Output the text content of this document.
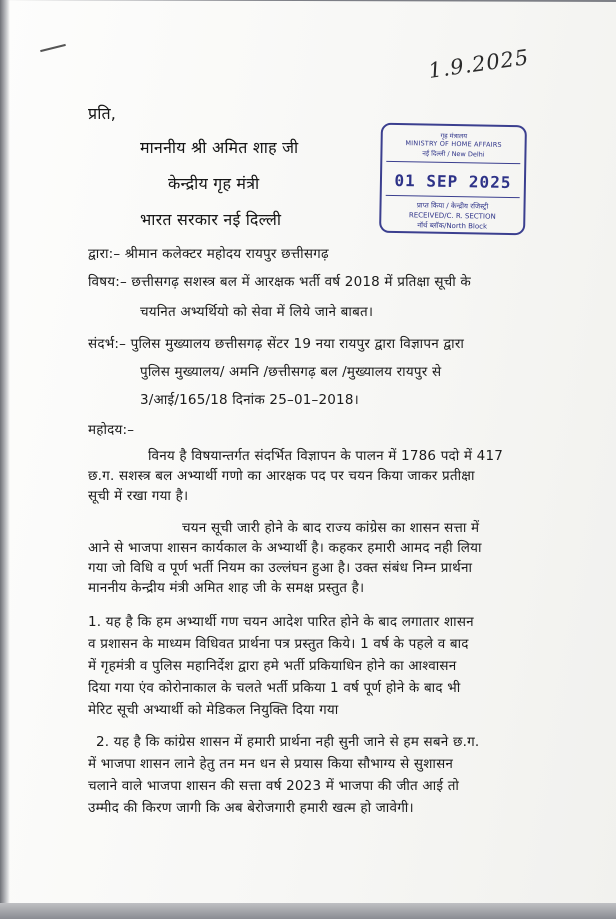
1.9.2025
प्रति,
माननीय श्री अमित शाह जी
केन्द्रीय गृह मंत्री
भारत सरकार नई दिल्ली
गृह मंत्रालय
MINISTRY OF HOME AFFAIRS
नई दिल्ली / New Delhi
01 SEP 2025
प्राप्त किया / केन्द्रीय रजिस्ट्री
RECEIVED/C. R. SECTION
नॉर्थ ब्लॉक/North Block
द्वारा:– श्रीमान कलेक्टर महोदय रायपुर छत्तीसगढ़
विषय:– छत्तीसगढ़ सशस्त्र बल में आरक्षक भर्ती वर्ष 2018 में प्रतिक्षा सूची के
चयनित अभ्यर्थियो को सेवा में लिये जाने बाबत।
संदर्भ:– पुलिस मुख्यालय छत्तीसगढ़ सेंटर 19 नया रायपुर द्वारा विज्ञापन द्वारा
पुलिस मुख्यालय/ अमनि /छत्तीसगढ़ बल /मुख्यालय रायपुर से
3/आई/165/18 दिनांक 25–01–2018।
महोदय:–
विनय है विषयान्तर्गत संदर्भित विज्ञापन के पालन में 1786 पदो में 417
छ.ग. सशस्त्र बल अभ्यार्थी गणो का आरक्षक पद पर चयन किया जाकर प्रतीक्षा
सूची में रखा गया है।
चयन सूची जारी होने के बाद राज्य कांग्रेस का शासन सत्ता में
आने से भाजपा शासन कार्यकाल के अभ्यार्थी है। कहकर हमारी आमद नही लिया
गया जो विधि व पूर्ण भर्ती नियम का उल्लंघन हुआ है। उक्त संबंध निम्न प्रार्थना
माननीय केन्द्रीय मंत्री अमित शाह जी के समक्ष प्रस्तुत है।
1. यह है कि हम अभ्यार्थी गण चयन आदेश पारित होने के बाद लगातार शासन
व प्रशासन के माध्यम विधिवत प्रार्थना पत्र प्रस्तुत किये। 1 वर्ष के पहले व बाद
में गृहमंत्री व पुलिस महानिर्देश द्वारा हमे भर्ती प्रकियाधिन होने का आश्वासन
दिया गया एंव कोरोनाकाल के चलते भर्ती प्रकिया 1 वर्ष पूर्ण होने के बाद भी
मेरिट सूची अभ्यार्थी को मेडिकल नियुक्ति दिया गया
2. यह है कि कांग्रेस शासन में हमारी प्रार्थना नही सुनी जाने से हम सबने छ.ग.
में भाजपा शासन लाने हेतु तन मन धन से प्रयास किया सौभाग्य से सुशासन
चलाने वाले भाजपा शासन की सत्ता वर्ष 2023 में भाजपा की जीत आई तो
उम्मीद की किरण जागी कि अब बेरोजगारी हमारी खत्म हो जावेगी।
